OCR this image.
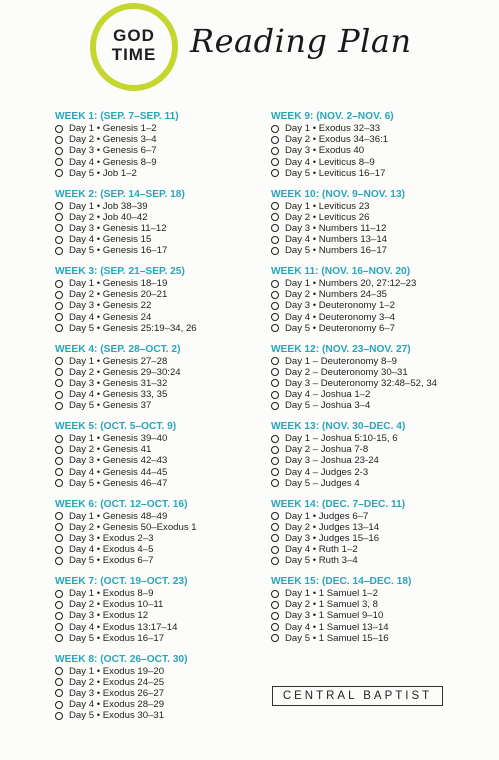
GOD
TIME	Reading Plan
WEEK 1: (SEP. 7–SEP. 11)
Day 1 • Genesis 1–2
Day 2 • Genesis 3–4
Day 3 • Genesis 6–7
Day 4 • Genesis 8–9
Day 5 • Job 1–2
WEEK 2: (SEP. 14–SEP. 18)
Day 1 • Job 38–39
Day 2 • Job 40–42
Day 3 • Genesis 11–12
Day 4 • Genesis 15
Day 5 • Genesis 16–17
WEEK 3: (SEP. 21–SEP. 25)
Day 1 • Genesis 18–19
Day 2 • Genesis 20–21
Day 3 • Genesis 22
Day 4 • Genesis 24
Day 5 • Genesis 25:19–34, 26
WEEK 4: (SEP. 28–OCT. 2)
Day 1 • Genesis 27–28
Day 2 • Genesis 29–30:24
Day 3 • Genesis 31–32
Day 4 • Genesis 33, 35
Day 5 • Genesis 37
WEEK 5: (OCT. 5–OCT. 9)
Day 1 • Genesis 39–40
Day 2 • Genesis 41
Day 3 • Genesis 42–43
Day 4 • Genesis 44–45
Day 5 • Genesis 46–47
WEEK 6: (OCT. 12–OCT. 16)
Day 1 • Genesis 48–49
Day 2 • Genesis 50–Exodus 1
Day 3 • Exodus 2–3
Day 4 • Exodus 4–5
Day 5 • Exodus 6–7
WEEK 7: (OCT. 19–OCT. 23)
Day 1 • Exodus 8–9
Day 2 • Exodus 10–11
Day 3 • Exodus 12
Day 4 • Exodus 13:17–14
Day 5 • Exodus 16–17
WEEK 8: (OCT. 26–OCT. 30)
Day 1 • Exodus 19–20
Day 2 • Exodus 24–25
Day 3 • Exodus 26–27
Day 4 • Exodus 28–29
Day 5 • Exodus 30–31
WEEK 9: (NOV. 2–NOV. 6)
Day 1 • Exodus 32–33
Day 2 • Exodus 34–36:1
Day 3 • Exodus 40
Day 4 • Leviticus 8–9
Day 5 • Leviticus 16–17
WEEK 10: (NOV. 9–NOV. 13)
Day 1 • Leviticus 23
Day 2 • Leviticus 26
Day 3 • Numbers 11–12
Day 4 • Numbers 13–14
Day 5 • Numbers 16–17
WEEK 11: (NOV. 16–NOV. 20)
Day 1 • Numbers 20, 27:12–23
Day 2 • Numbers 24–35
Day 3 • Deuteronomy 1–2
Day 4 • Deuteronomy 3–4
Day 5 • Deuteronomy 6–7
WEEK 12: (NOV. 23–NOV. 27)
Day 1 – Deuteronomy 8–9
Day 2 – Deuteronomy 30–31
Day 3 – Deuteronomy 32:48–52, 34
Day 4 – Joshua 1–2
Day 5 – Joshua 3–4
WEEK 13: (NOV. 30–DEC. 4)
Day 1 – Joshua 5:10-15, 6
Day 2 – Joshua 7-8
Day 3 – Joshua 23-24
Day 4 – Judges 2-3
Day 5 – Judges 4
WEEK 14: (DEC. 7–DEC. 11)
Day 1 • Judges 6–7
Day 2 • Judges 13–14
Day 3 • Judges 15–16
Day 4 • Ruth 1–2
Day 5 • Ruth 3–4
WEEK 15: (DEC. 14–DEC. 18)
Day 1 • 1 Samuel 1–2
Day 2 • 1 Samuel 3, 8
Day 3 • 1 Samuel 9–10
Day 4 • 1 Samuel 13–14
Day 5 • 1 Samuel 15–16
CENTRAL BAPTIST
